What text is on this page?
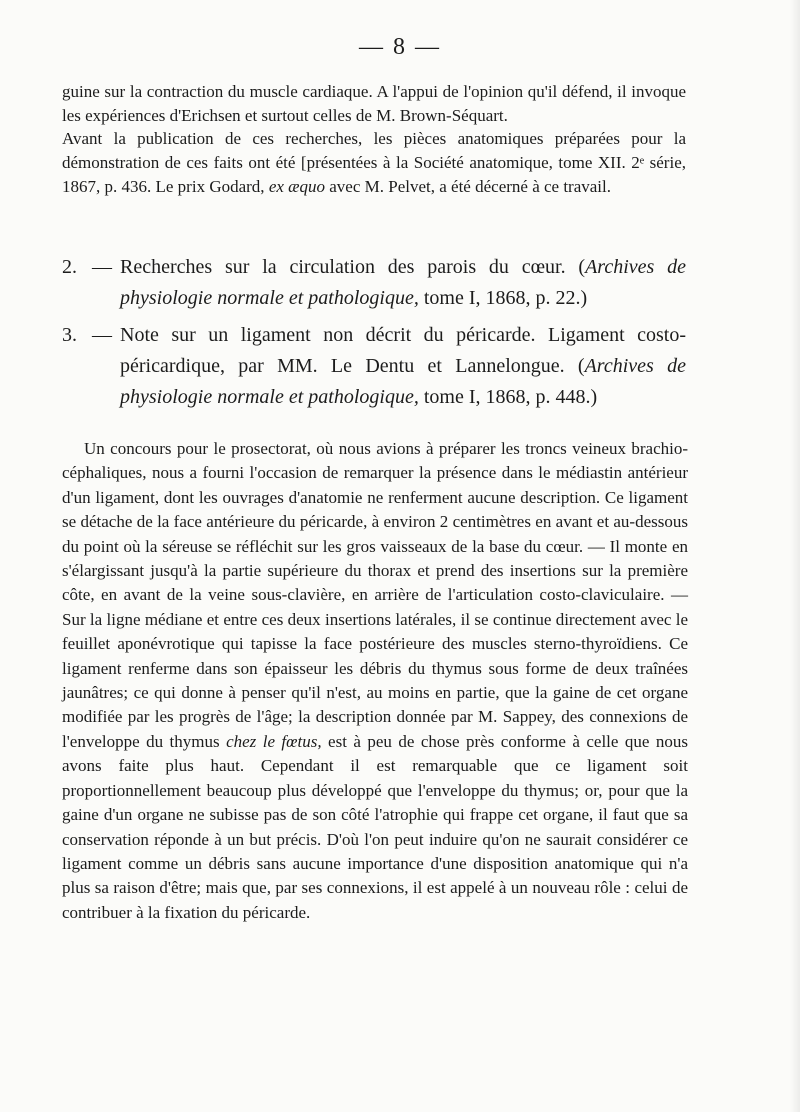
— 8 —

guine sur la contraction du muscle cardiaque. A l'appui de l'opinion qu'il défend, il invoque les expériences d'Erichsen et surtout celles de M. Brown-Séquart.

Avant la publication de ces recherches, les pièces anatomiques préparées pour la démonstration de ces faits ont été [présentées à la Société anatomique, tome XII. 2ᵉ série, 1867, p. 436. Le prix Godard, ex æquo avec M. Pelvet, a été décerné à ce travail.

2. — Recherches sur la circulation des parois du cœur. (Archives de physiologie normale et pathologique, tome I, 1868, p. 22.)
3. — Note sur un ligament non décrit du péricarde. Ligament costo-péricardique, par MM. Le Dentu et Lannelongue. (Archives de physiologie normale et pathologique, tome I, 1868, p. 448.)

Un concours pour le prosectorat, où nous avions à préparer les troncs veineux brachio-céphaliques, nous a fourni l'occasion de remarquer la présence dans le médiastin antérieur d'un ligament, dont les ouvrages d'anatomie ne renferment aucune description. Ce ligament se détache de la face antérieure du péricarde, à environ 2 centimètres en avant et au-dessous du point où la séreuse se réfléchit sur les gros vaisseaux de la base du cœur. — Il monte en s'élargissant jusqu'à la partie supérieure du thorax et prend des insertions sur la première côte, en avant de la veine sous-clavière, en arrière de l'articulation costo-claviculaire. — Sur la ligne médiane et entre ces deux insertions latérales, il se continue directement avec le feuillet aponévrotique qui tapisse la face postérieure des muscles sterno-thyroïdiens. Ce ligament renferme dans son épaisseur les débris du thymus sous forme de deux traînées jaunâtres; ce qui donne à penser qu'il n'est, au moins en partie, que la gaine de cet organe modifiée par les progrès de l'âge; la description donnée par M. Sappey, des connexions de l'enveloppe du thymus chez le fœtus, est à peu de chose près conforme à celle que nous avons faite plus haut. Cependant il est remarquable que ce ligament soit proportionnellement beaucoup plus développé que l'enveloppe du thymus; or, pour que la gaine d'un organe ne subisse pas de son côté l'atrophie qui frappe cet organe, il faut que sa conservation réponde à un but précis. D'où l'on peut induire qu'on ne saurait considérer ce ligament comme un débris sans aucune importance d'une disposition anatomique qui n'a plus sa raison d'être; mais que, par ses connexions, il est appelé à un nouveau rôle : celui de contribuer à la fixation du péricarde.
